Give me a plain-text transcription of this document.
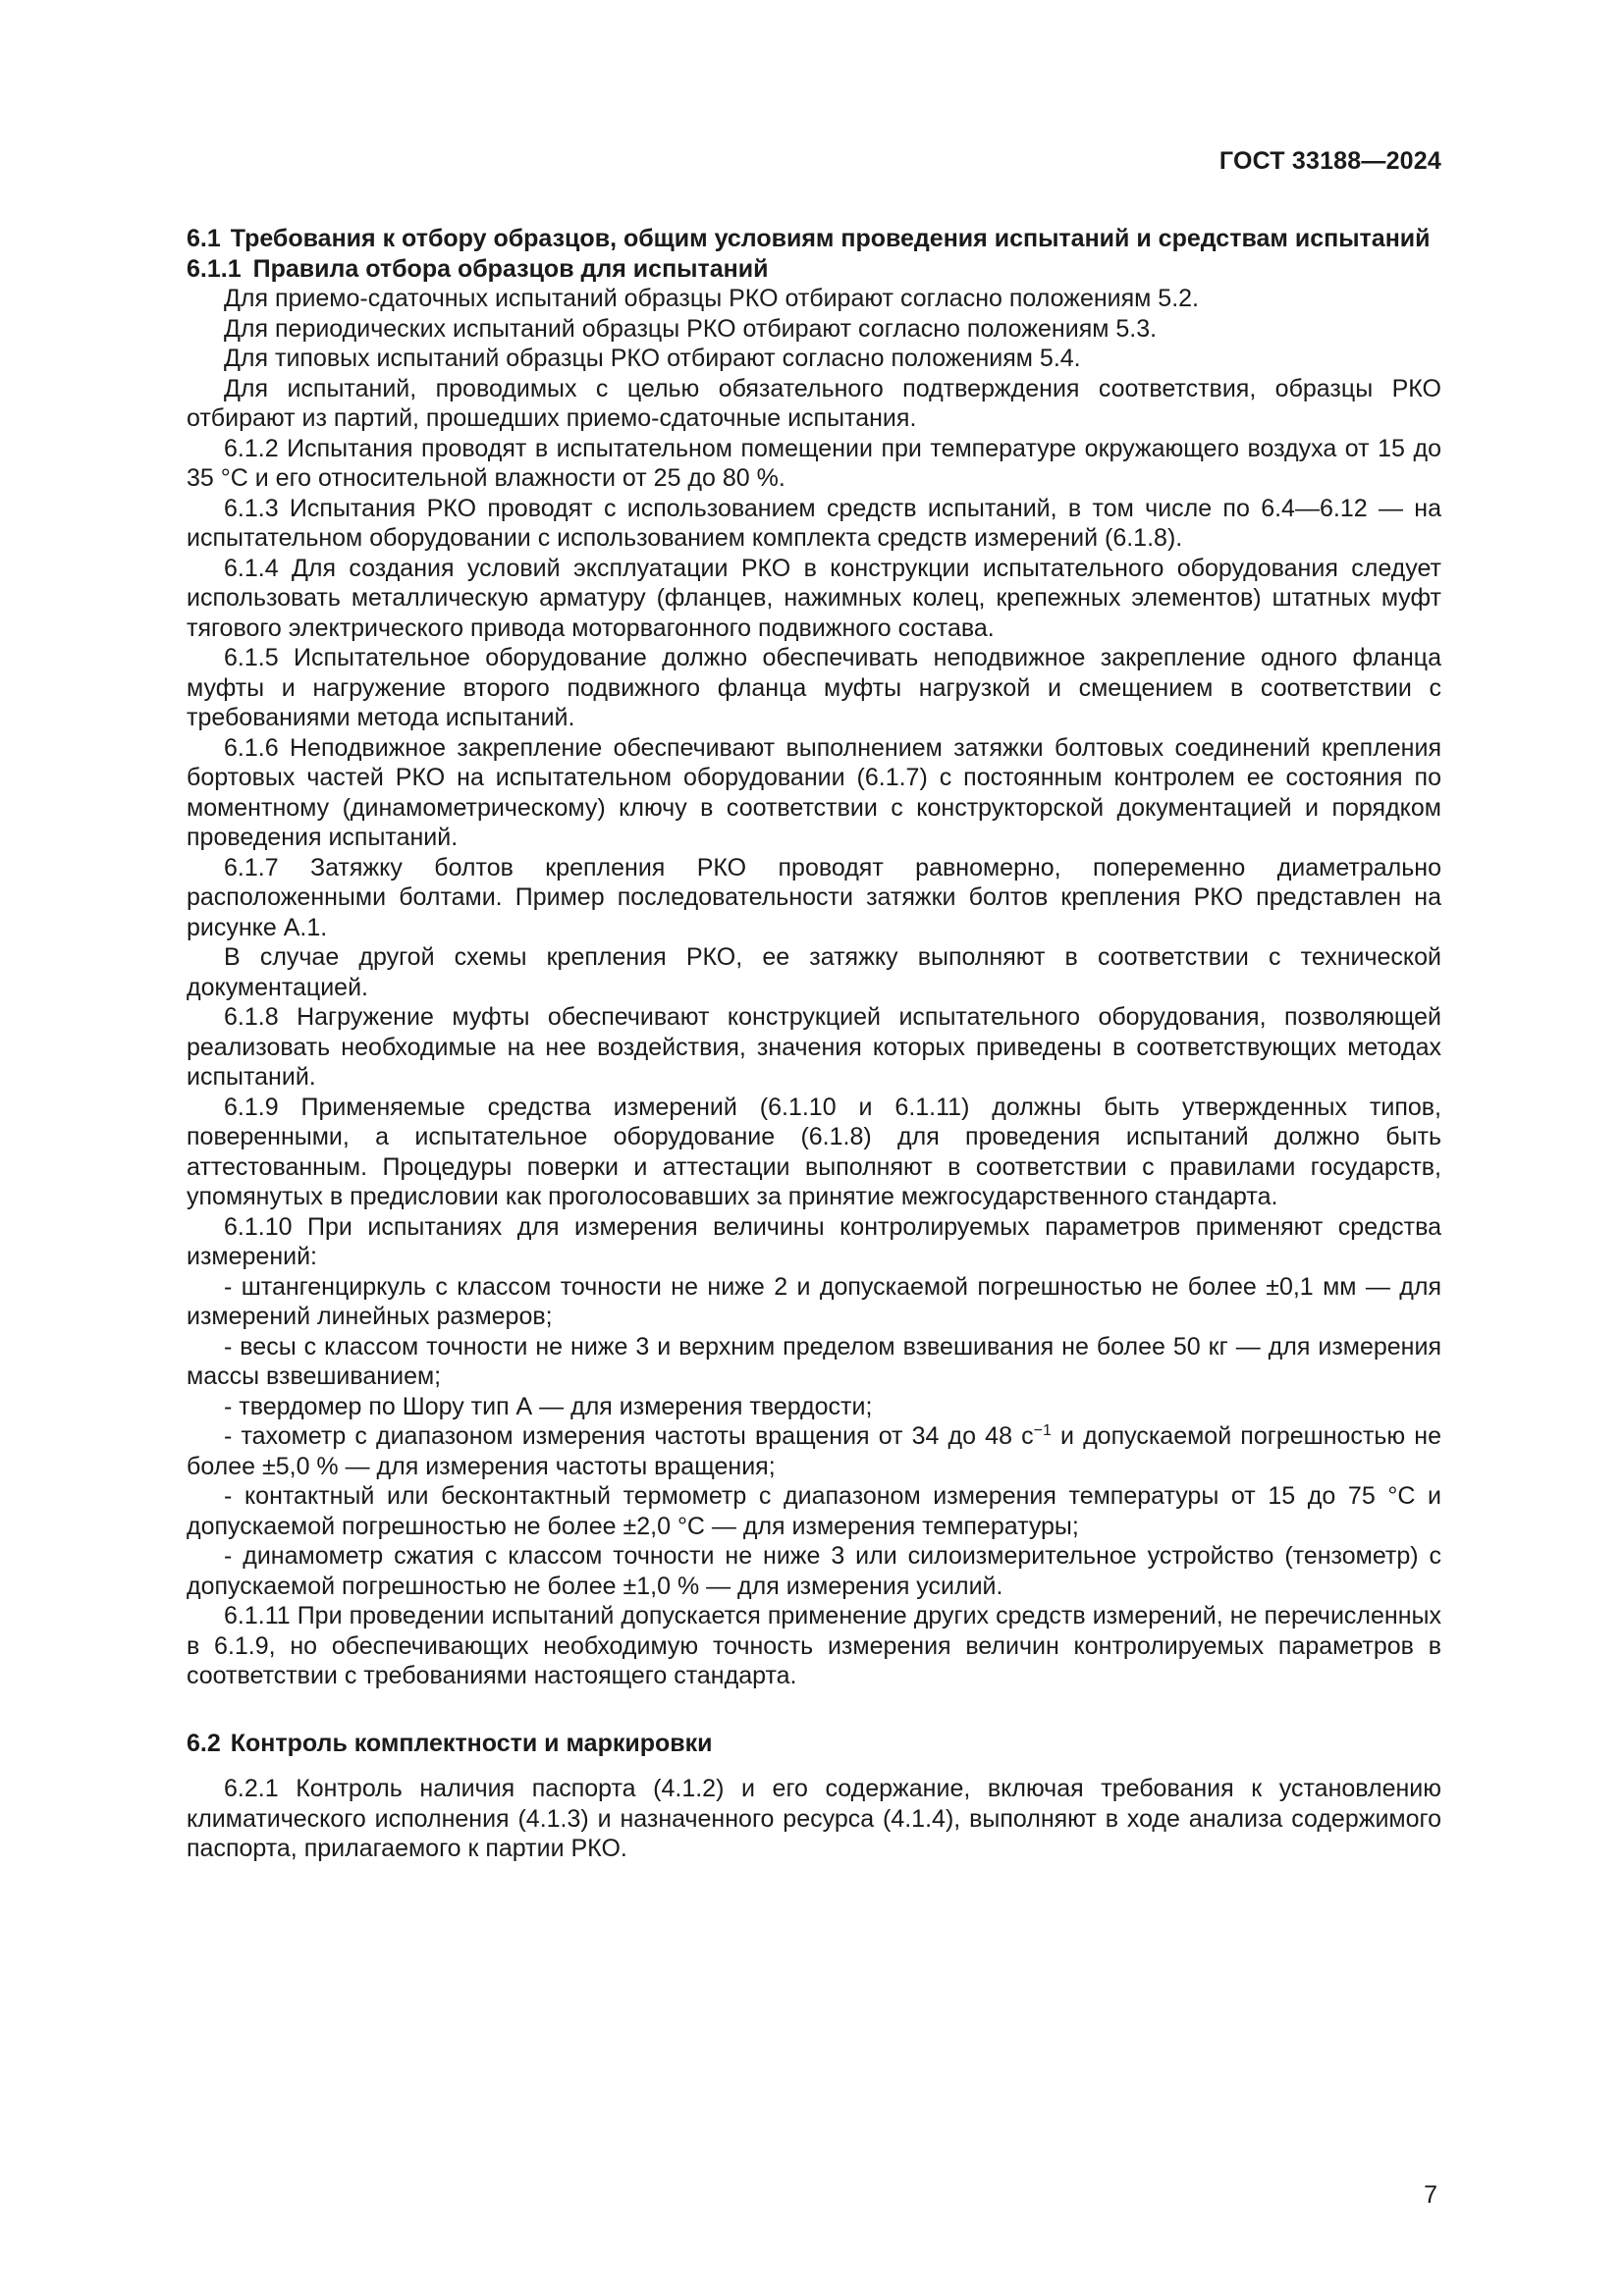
ГОСТ 33188—2024

6.1 Требования к отбору образцов, общим условиям проведения испытаний и средствам испытаний

6.1.1 Правила отбора образцов для испытаний

Для приемо-сдаточных испытаний образцы РКО отбирают согласно положениям 5.2.

Для периодических испытаний образцы РКО отбирают согласно положениям 5.3.

Для типовых испытаний образцы РКО отбирают согласно положениям 5.4.

Для испытаний, проводимых с целью обязательного подтверждения соответствия, образцы РКО отбирают из партий, прошедших приемо-сдаточные испытания.

6.1.2 Испытания проводят в испытательном помещении при температуре окружающего воздуха от 15 до 35 °С и его относительной влажности от 25 до 80 %.

6.1.3 Испытания РКО проводят с использованием средств испытаний, в том числе по 6.4—6.12 — на испытательном оборудовании с использованием комплекта средств измерений (6.1.8).

6.1.4 Для создания условий эксплуатации РКО в конструкции испытательного оборудования следует использовать металлическую арматуру (фланцев, нажимных колец, крепежных элементов) штатных муфт тягового электрического привода моторвагонного подвижного состава.

6.1.5 Испытательное оборудование должно обеспечивать неподвижное закрепление одного фланца муфты и нагружение второго подвижного фланца муфты нагрузкой и смещением в соответствии с требованиями метода испытаний.

6.1.6 Неподвижное закрепление обеспечивают выполнением затяжки болтовых соединений крепления бортовых частей РКО на испытательном оборудовании (6.1.7) с постоянным контролем ее состояния по моментному (динамометрическому) ключу в соответствии с конструкторской документацией и порядком проведения испытаний.

6.1.7 Затяжку болтов крепления РКО проводят равномерно, попеременно диаметрально расположенными болтами. Пример последовательности затяжки болтов крепления РКО представлен на рисунке А.1.

В случае другой схемы крепления РКО, ее затяжку выполняют в соответствии с технической документацией.

6.1.8 Нагружение муфты обеспечивают конструкцией испытательного оборудования, позволяющей реализовать необходимые на нее воздействия, значения которых приведены в соответствующих методах испытаний.

6.1.9 Применяемые средства измерений (6.1.10 и 6.1.11) должны быть утвержденных типов, поверенными, а испытательное оборудование (6.1.8) для проведения испытаний должно быть аттестованным. Процедуры поверки и аттестации выполняют в соответствии с правилами государств, упомянутых в предисловии как проголосовавших за принятие межгосударственного стандарта.

6.1.10 При испытаниях для измерения величины контролируемых параметров применяют средства измерений:

- штангенциркуль с классом точности не ниже 2 и допускаемой погрешностью не более ±0,1 мм — для измерений линейных размеров;

- весы с классом точности не ниже 3 и верхним пределом взвешивания не более 50 кг — для измерения массы взвешиванием;

- твердомер по Шору тип А — для измерения твердости;

- тахометр с диапазоном измерения частоты вращения от 34 до 48 $с^{-1}$ и допускаемой погрешностью не более ±5,0 % — для измерения частоты вращения;

- контактный или бесконтактный термометр с диапазоном измерения температуры от 15 до 75 °С и допускаемой погрешностью не более ±2,0 °С — для измерения температуры;

- динамометр сжатия с классом точности не ниже 3 или силоизмерительное устройство (тензометр) с допускаемой погрешностью не более ±1,0 % — для измерения усилий.

6.1.11 При проведении испытаний допускается применение других средств измерений, не перечисленных в 6.1.9, но обеспечивающих необходимую точность измерения величин контролируемых параметров в соответствии с требованиями настоящего стандарта.

6.2 Контроль комплектности и маркировки

6.2.1 Контроль наличия паспорта (4.1.2) и его содержание, включая требования к установлению климатического исполнения (4.1.3) и назначенного ресурса (4.1.4), выполняют в ходе анализа содержимого паспорта, прилагаемого к партии РКО.

7
